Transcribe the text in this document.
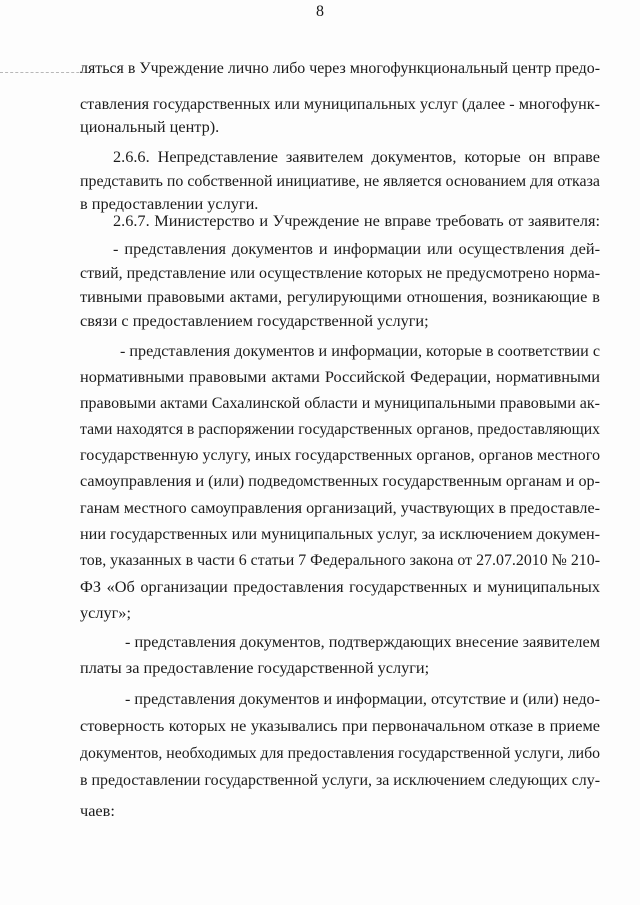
8
ляться в Учреждение лично либо через многофункциональный центр предо-
ставления государственных или муниципальных услуг (далее - многофунк-
циональный центр).
2.6.6. Непредставление заявителем документов, которые он вправе
представить по собственной инициативе, не является основанием для отказа
в предоставлении услуги.
2.6.7. Министерство и Учреждение не вправе требовать от заявителя:
- представления документов и информации или осуществления дей-
ствий, представление или осуществление которых не предусмотрено норма-
тивными правовыми актами, регулирующими отношения, возникающие в
связи с предоставлением государственной услуги;
- представления документов и информации, которые в соответствии с
нормативными правовыми актами Российской Федерации, нормативными
правовыми актами Сахалинской области и муниципальными правовыми ак-
тами находятся в распоряжении государственных органов, предоставляющих
государственную услугу, иных государственных органов, органов местного
самоуправления и (или) подведомственных государственным органам и ор-
ганам местного самоуправления организаций, участвующих в предоставле-
нии государственных или муниципальных услуг, за исключением докумен-
тов, указанных в части 6 статьи 7 Федерального закона от 27.07.2010 № 210-
ФЗ «Об организации предоставления государственных и муниципальных
услуг»;
- представления документов, подтверждающих внесение заявителем
платы за предоставление государственной услуги;
- представления документов и информации, отсутствие и (или) недо-
стоверность которых не указывались при первоначальном отказе в приеме
документов, необходимых для предоставления государственной услуги, либо
в предоставлении государственной услуги, за исключением следующих слу-
чаев:
